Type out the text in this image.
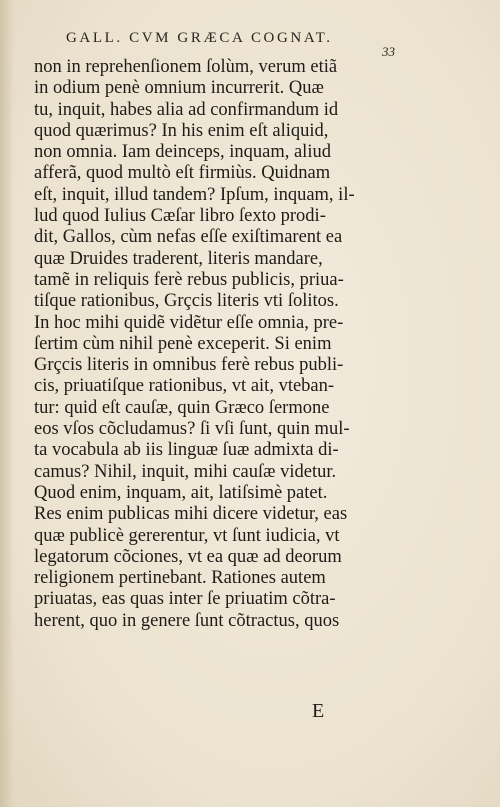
GALL. CVM GRÆCA COGNAT.
33
non in reprehenſionem ſolùm, verum etiã
in odium penè omnium incurrerit. Quæ
tu, inquit, habes alia ad confirmandum id
quod quærimus? In his enim eſt aliquid,
non omnia. Iam deinceps, inquam, aliud
afferã, quod multò eſt firmiùs. Quidnam
eſt, inquit, illud tandem? Ipſum, inquam, il-
lud quod Iulius Cæſar libro ſexto prodi-
dit, Gallos, cùm nefas eſſe exiſtimarent ea
quæ Druides traderent, literis mandare,
tamẽ in reliquis ferè rebus publicis, priua-
tiſque rationibus, Grçcis literis vti ſolitos.
In hoc mihi quidẽ vidẽtur eſſe omnia, pre-
ſertim cùm nihil penè exceperit. Si enim
Grçcis literis in omnibus ferè rebus publi-
cis, priuatiſque rationibus, vt ait, vteban-
tur: quid eſt cauſæ, quin Græco ſermone
eos vſos cõcludamus? ſi vſi ſunt, quin mul-
ta vocabula ab iis linguæ ſuæ admixta di-
camus? Nihil, inquit, mihi cauſæ videtur.
Quod enim, inquam, ait, latiſsimè patet.
Res enim publicas mihi dicere videtur, eas
quæ publicè gererentur, vt ſunt iudicia, vt
legatorum cõciones, vt ea quæ ad deorum
religionem pertinebant. Rationes autem
priuatas, eas quas inter ſe priuatim cõtra-
herent, quo in genere ſunt cõtractus, quos
E
